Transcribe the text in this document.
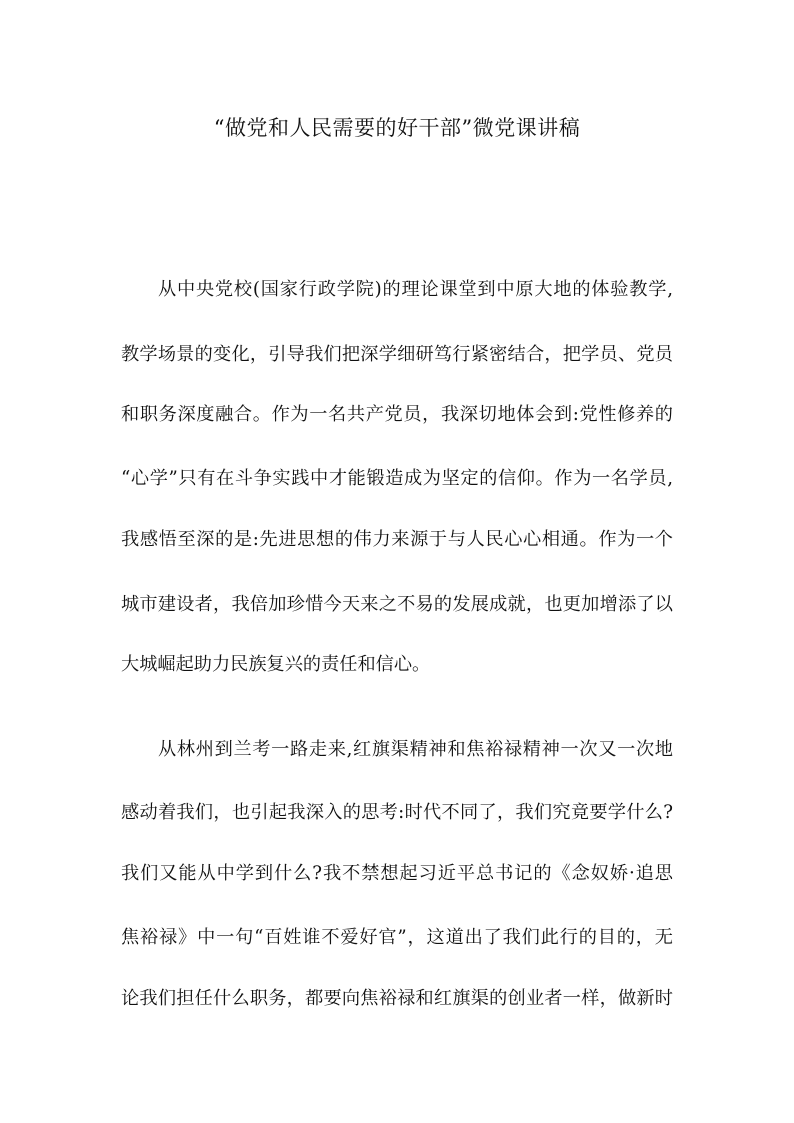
“做党和人民需要的好干部”微党课讲稿

从中央党校(国家行政学院)的理论课堂到中原大地的体验教学,

教学场景的变化，引导我们把深学细研笃行紧密结合，把学员、党员

和职务深度融合。作为一名共产党员，我深切地体会到:党性修养的

“心学”只有在斗争实践中才能锻造成为坚定的信仰。作为一名学员,

我感悟至深的是:先进思想的伟力来源于与人民心心相通。作为一个

城市建设者，我倍加珍惜今天来之不易的发展成就，也更加增添了以

大城崛起助力民族复兴的责任和信心。

从林州到兰考一路走来,红旗渠精神和焦裕禄精神一次又一次地

感动着我们，也引起我深入的思考:时代不同了，我们究竟要学什么?

我们又能从中学到什么?我不禁想起习近平总书记的《念奴娇·追思

焦裕禄》中一句“百姓谁不爱好官”，这道出了我们此行的目的，无

论我们担任什么职务，都要向焦裕禄和红旗渠的创业者一样，做新时
